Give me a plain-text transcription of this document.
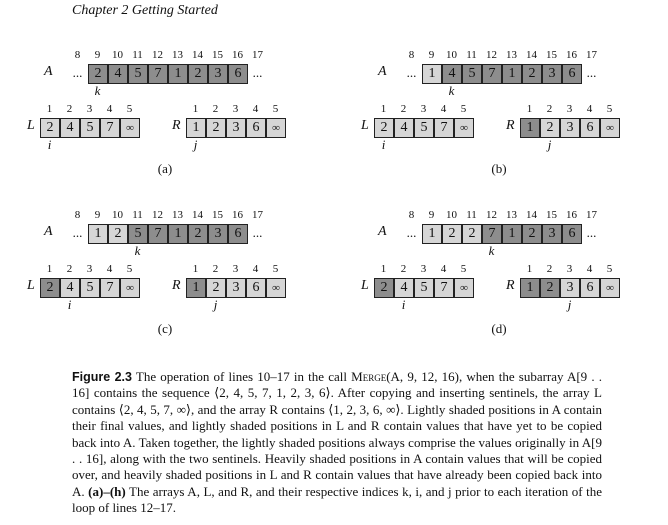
Chapter 2 Getting Started
8	9	10 11 12 13 14 15 16 17
A	... 2 4 5 7 1 2 3 6 ...
k
1	2	3	4	5
L 2 4 5 7	∞
i
1	2	3	4	5
R 1 2 3 6	∞
j
(a)
8	9	10 11 12 13 14 15 16 17
A	... 1 4 5 7 1 2 3 6 ...
k
1	2	3	4	5
L 2 4 5 7	∞
i
1	2	3	4	5
R 1 2 3 6	∞
j
(b)
8	9	10 11 12 13 14 15 16 17
A	... 1 2 5 7 1 2 3 6 ...
k
1	2	3	4	5
L 2 4 5 7	∞
i
1	2	3	4	5
R 1 2 3 6	∞
j
(c)
8	9	10 11 12 13 14 15 16 17
A	... 1 2 2 7 1 2 3 6 ...
k
1	2	3	4	5
L 2 4 5 7	∞
i
1	2	3	4	5
R 1 2 3 6	∞
j
(d)
Figure 2.3 The operation of lines 10–17 in the call Merge(A, 9, 12, 16), when the subarray A[9 . . 16] contains the sequence ⟨2, 4, 5, 7, 1, 2, 3, 6⟩. After copying and inserting sentinels, the array L contains ⟨2, 4, 5, 7, ∞⟩, and the array R contains ⟨1, 2, 3, 6, ∞⟩. Lightly shaded positions in A contain their final values, and lightly shaded positions in L and R contain values that have yet to be copied back into A. Taken together, the lightly shaded positions always comprise the values originally in A[9 . . 16], along with the two sentinels. Heavily shaded positions in A contain values that will be copied over, and heavily shaded positions in L and R contain values that have already been copied back into A. (a)–(h) The arrays A, L, and R, and their respective indices k, i, and j prior to each iteration of the loop of lines 12–17.
